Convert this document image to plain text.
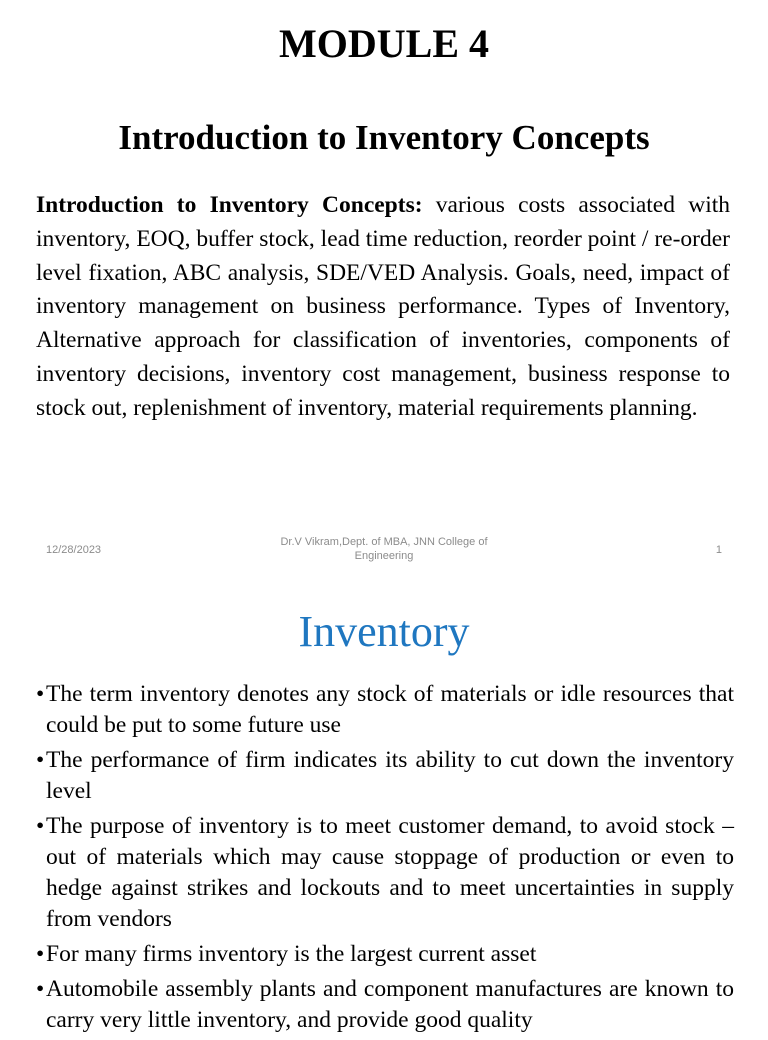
MODULE 4
Introduction to Inventory Concepts
Introduction to Inventory Concepts: various costs associated with inventory, EOQ, buffer stock, lead time reduction, reorder point / re-order level fixation, ABC analysis, SDE/VED Analysis. Goals, need, impact of inventory management on business performance. Types of Inventory, Alternative approach for classification of inventories, components of inventory decisions, inventory cost management, business response to stock out, replenishment of inventory, material requirements planning.
12/28/2023
Dr.V Vikram,Dept. of MBA, JNN College of Engineering	1
Inventory
• The term inventory denotes any stock of materials or idle resources that could be put to some future use
• The performance of firm indicates its ability to cut down the inventory level
• The purpose of inventory is to meet customer demand, to avoid stock –out of materials which may cause stoppage of production or even to hedge against strikes and lockouts and to meet uncertainties in supply from vendors
• For many firms inventory is the largest current asset
• Automobile assembly plants and component manufactures are known to carry very little inventory, and provide good quality
